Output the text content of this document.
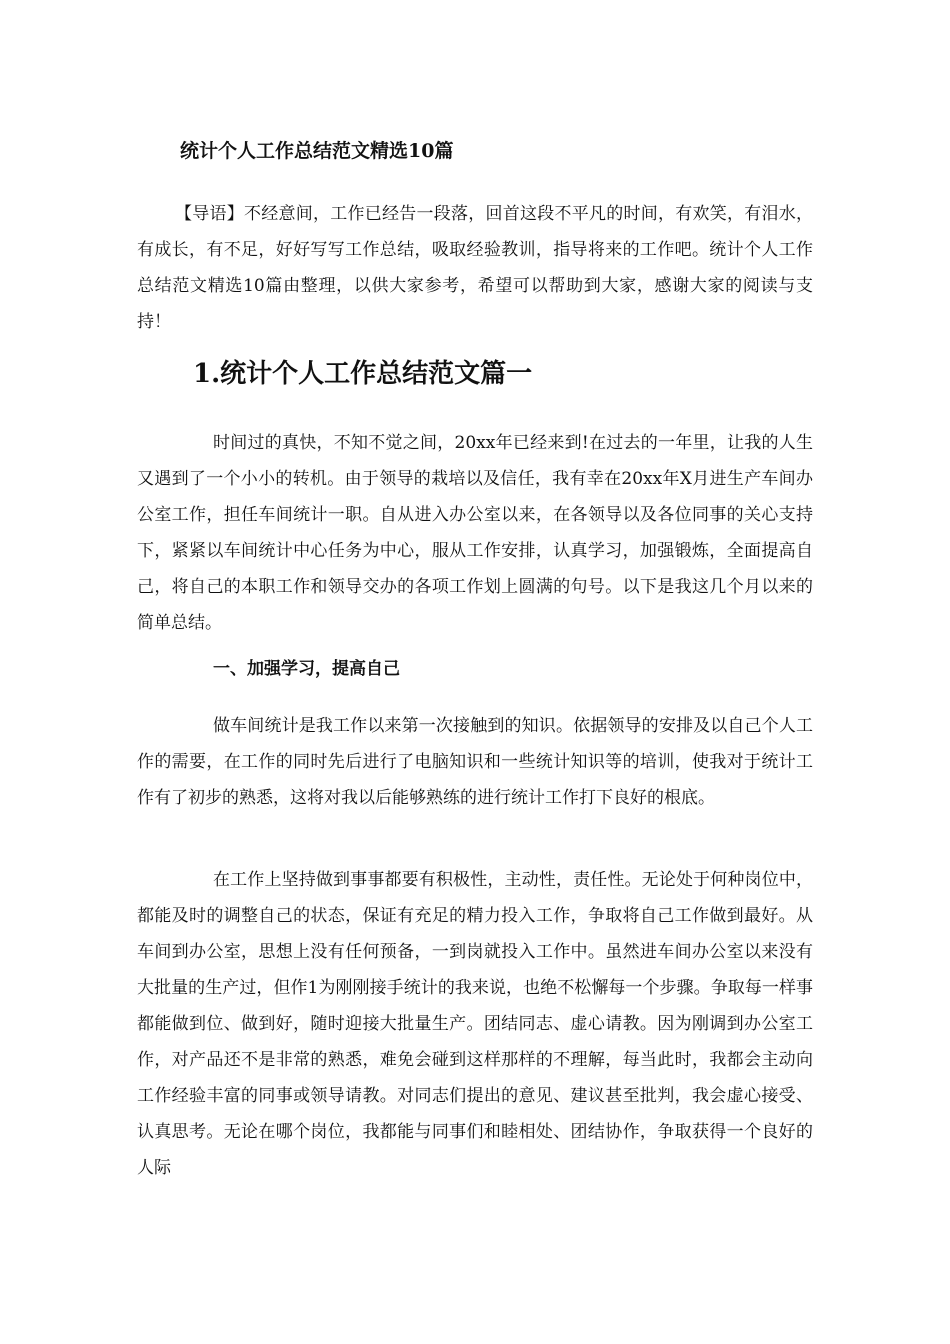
统计个人工作总结范文精选10篇

【导语】不经意间，工作已经告一段落，回首这段不平凡的时间，有欢笑，有泪水，有成长，有不足，好好写写工作总结，吸取经验教训，指导将来的工作吧。统计个人工作总结范文精选10篇由整理，以供大家参考，希望可以帮助到大家，感谢大家的阅读与支持！

1.统计个人工作总结范文篇一

时间过的真快，不知不觉之间，20xx年已经来到!在过去的一年里，让我的人生又遇到了一个小小的转机。由于领导的栽培以及信任，我有幸在20xx年X月进生产车间办公室工作，担任车间统计一职。自从进入办公室以来，在各领导以及各位同事的关心支持下，紧紧以车间统计中心任务为中心，服从工作安排，认真学习，加强锻炼，全面提高自己，将自己的本职工作和领导交办的各项工作划上圆满的句号。以下是我这几个月以来的简单总结。

一、加强学习，提高自己

做车间统计是我工作以来第一次接触到的知识。依据领导的安排及以自己个人工作的需要，在工作的同时先后进行了电脑知识和一些统计知识等的培训，使我对于统计工作有了初步的熟悉，这将对我以后能够熟练的进行统计工作打下良好的根底。

在工作上坚持做到事事都要有积极性，主动性，责任性。无论处于何种岗位中，都能及时的调整自己的状态，保证有充足的精力投入工作，争取将自己工作做到最好。从车间到办公室，思想上没有任何预备，一到岗就投入工作中。虽然进车间办公室以来没有大批量的生产过，但作1为刚刚接手统计的我来说，也绝不松懈每一个步骤。争取每一样事都能做到位、做到好，随时迎接大批量生产。团结同志、虚心请教。因为刚调到办公室工作，对产品还不是非常的熟悉，难免会碰到这样那样的不理解，每当此时，我都会主动向工作经验丰富的同事或领导请教。对同志们提出的意见、建议甚至批判，我会虚心接受、认真思考。无论在哪个岗位，我都能与同事们和睦相处、团结协作，争取获得一个良好的人际
